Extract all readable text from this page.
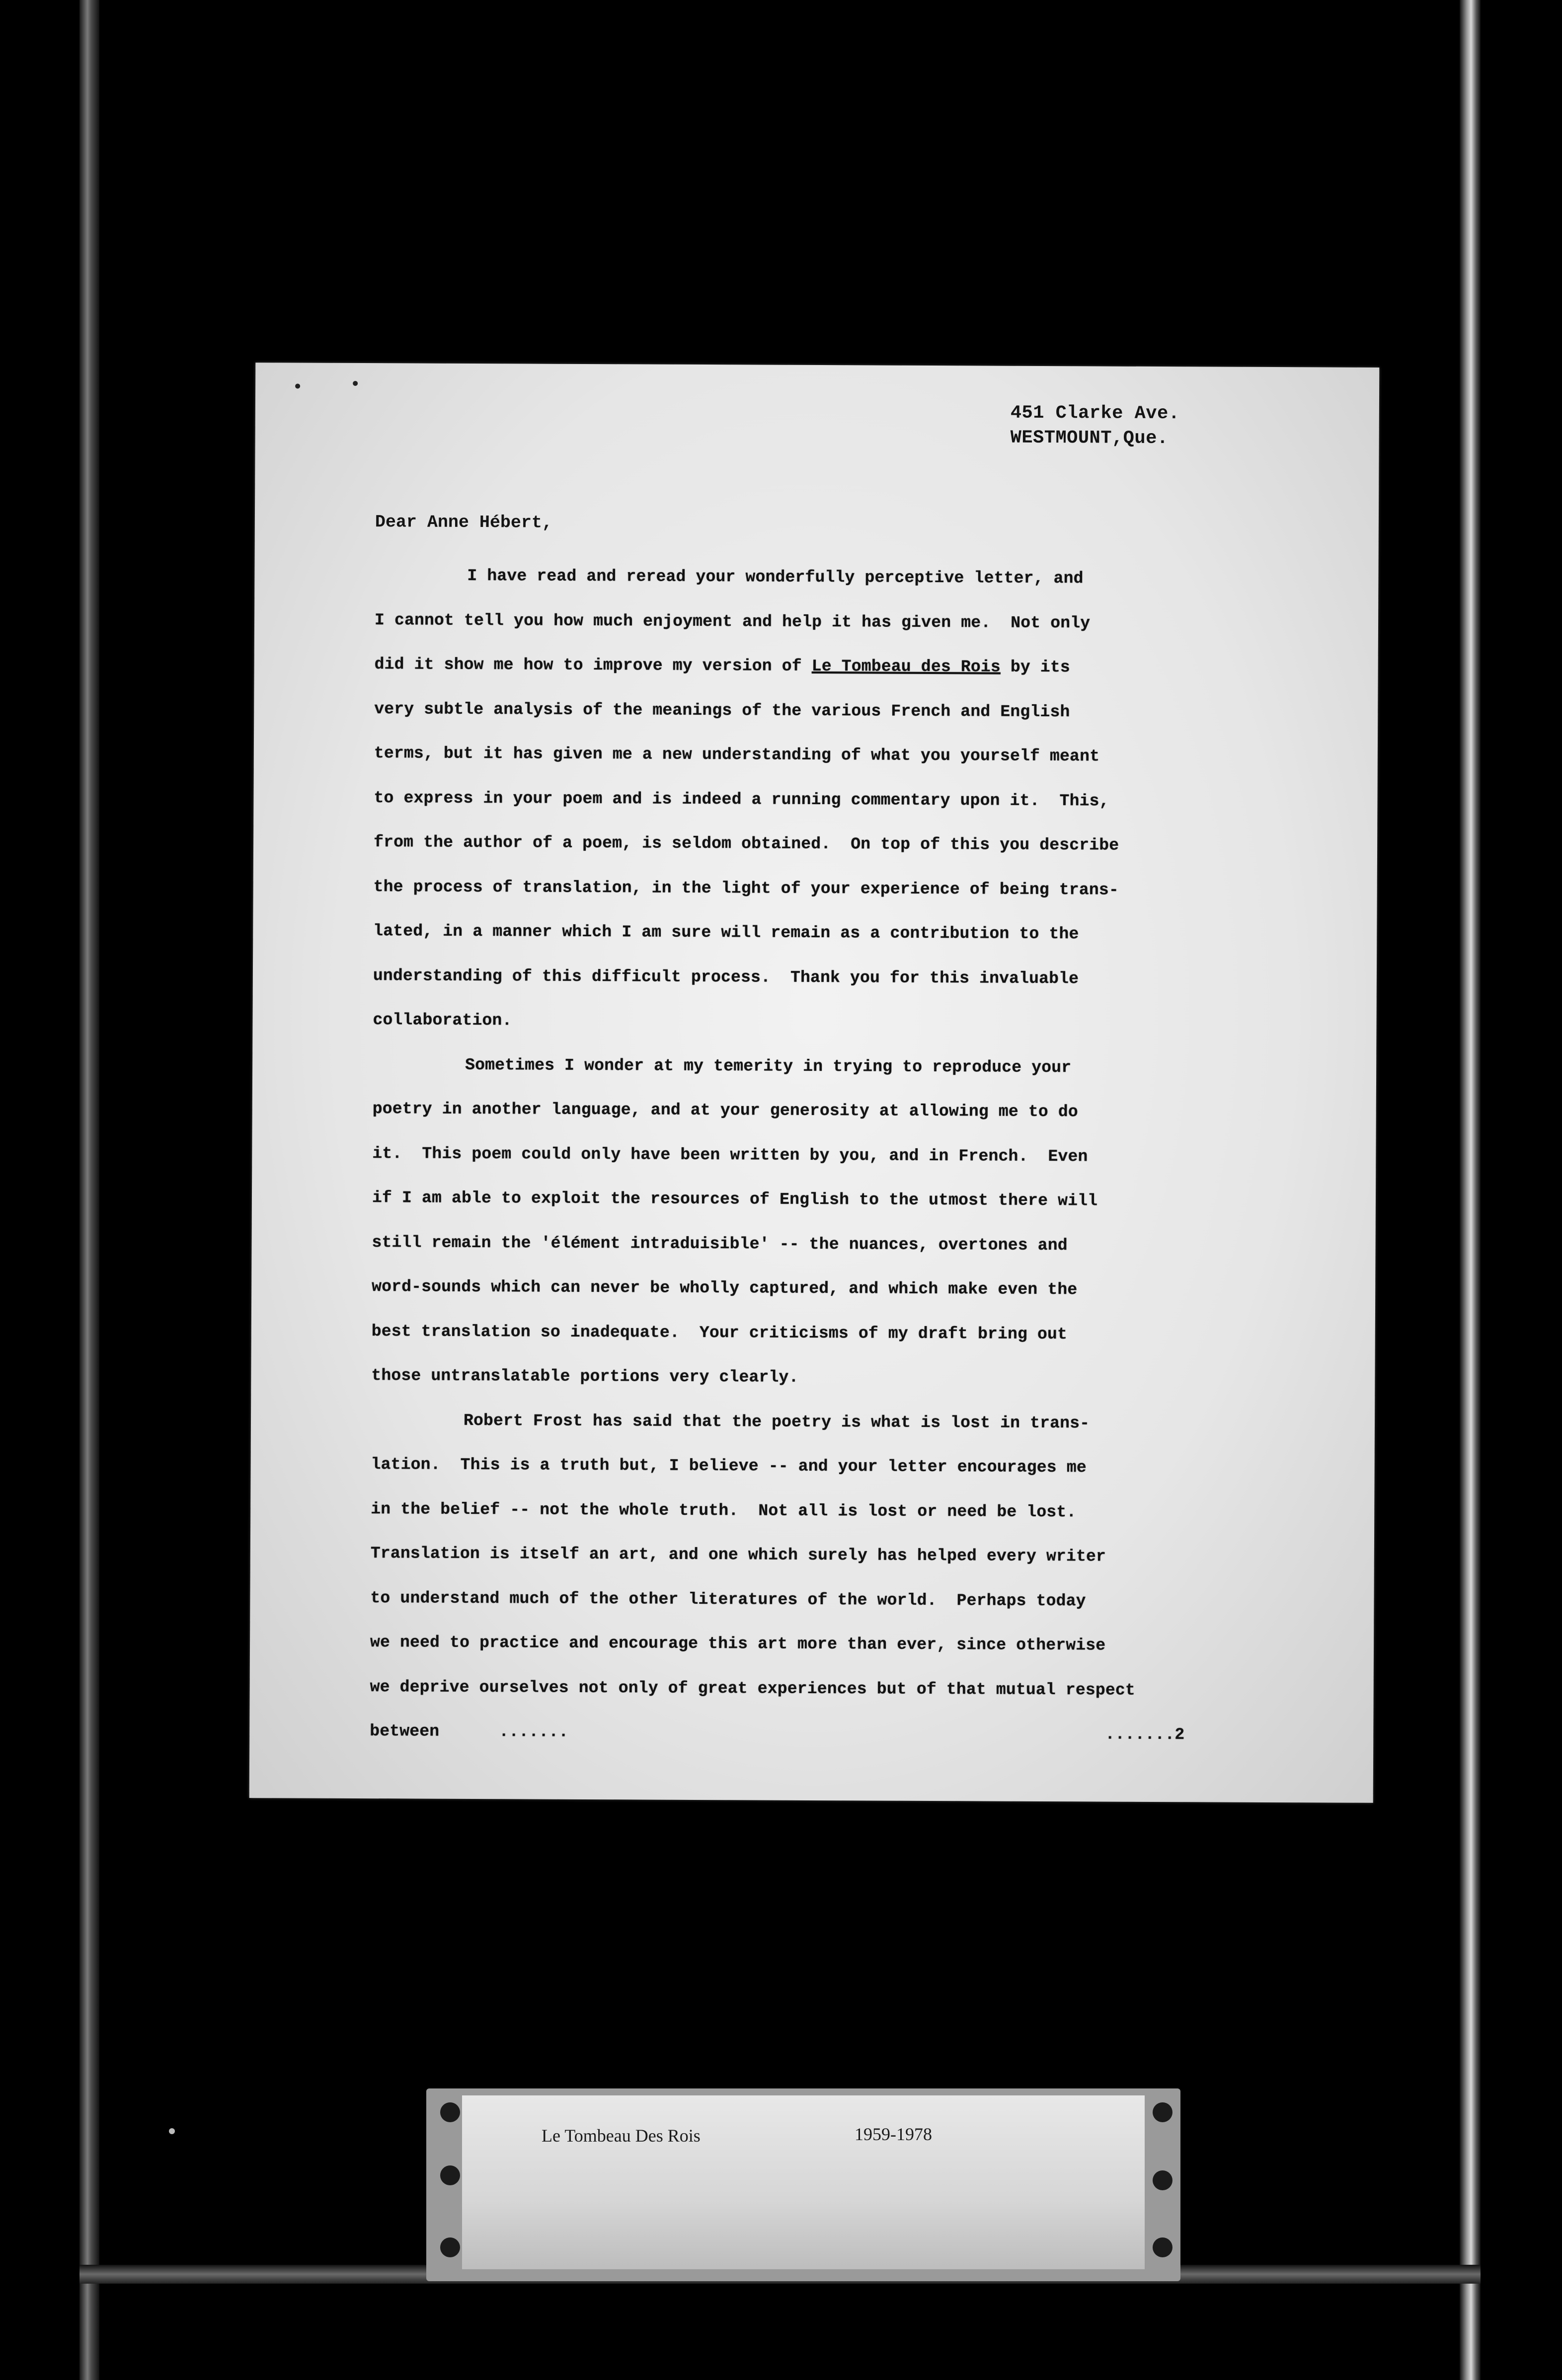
451 Clarke Ave.
WESTMOUNT,Que.
Dear Anne Hébert,
I have read and reread your wonderfully perceptive letter, and
I cannot tell you how much enjoyment and help it has given me.  Not only
did it show me how to improve my version of Le Tombeau des Rois by its
very subtle analysis of the meanings of the various French and English
terms, but it has given me a new understanding of what you yourself meant
to express in your poem and is indeed a running commentary upon it.  This,
from the author of a poem, is seldom obtained.  On top of this you describe
the process of translation, in the light of your experience of being trans-
lated, in a manner which I am sure will remain as a contribution to the
understanding of this difficult process.  Thank you for this invaluable
collaboration.
Sometimes I wonder at my temerity in trying to reproduce your
poetry in another language, and at your generosity at allowing me to do
it.  This poem could only have been written by you, and in French.  Even
if I am able to exploit the resources of English to the utmost there will
still remain the 'élément intraduisible' -- the nuances, overtones and
word-sounds which can never be wholly captured, and which make even the
best translation so inadequate.  Your criticisms of my draft bring out
those untranslatable portions very clearly.
Robert Frost has said that the poetry is what is lost in trans-
lation.  This is a truth but, I believe -- and your letter encourages me
in the belief -- not the whole truth.  Not all is lost or need be lost.
Translation is itself an art, and one which surely has helped every writer
to understand much of the other literatures of the world.  Perhaps today
we need to practice and encourage this art more than ever, since otherwise
we deprive ourselves not only of great experiences but of that mutual respect
between	.......	.......2
Le Tombeau Des Rois	1959-1978
